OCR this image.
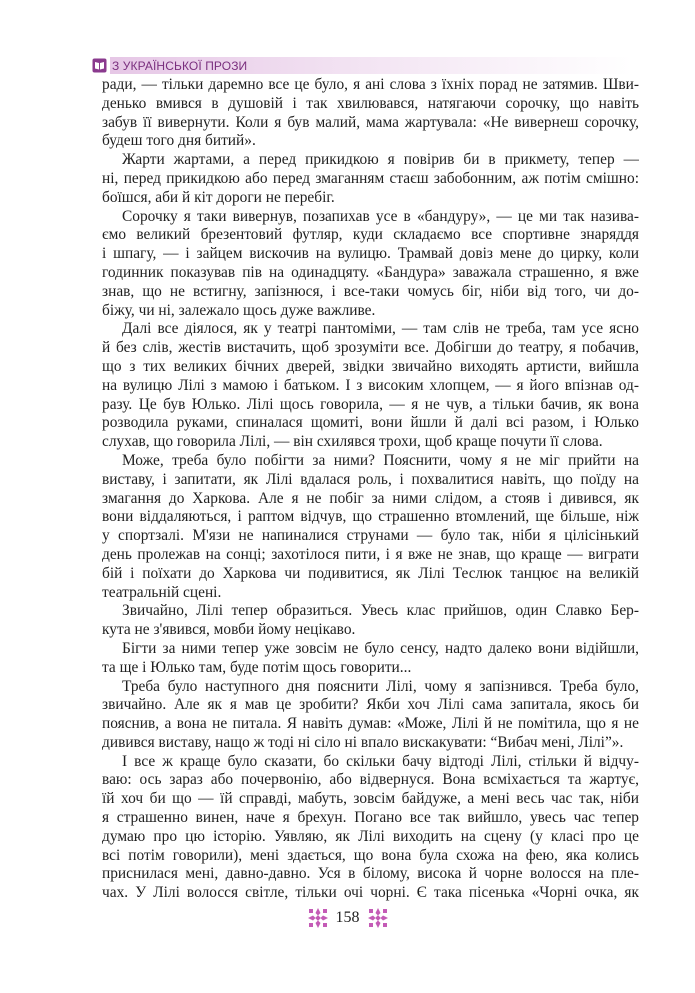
З УКРАЇНСЬКОЇ ПРОЗИ
ради, — тільки даремно все це було, я ані слова з їхніх порад не затямив. Шви-
денько вмився в душовій і так хвилювався, натягаючи сорочку, що навіть
забув її вивернути. Коли я був малий, мама жартувала: «Не вивернеш сорочку,
будеш того дня битий».
Жарти жартами, а перед прикидкою я повірив би в прикмету, тепер —
ні, перед прикидкою або перед змаганням стаєш забобонним, аж потім смішно:
боїшся, аби й кіт дороги не перебіг.
Сорочку я таки вивернув, позапихав усе в «бандуру», — це ми так назива-
ємо великий брезентовий футляр, куди складаємо все спортивне знаряддя
і шпагу, — і зайцем вискочив на вулицю. Трамвай довіз мене до цирку, коли
годинник показував пів на одинадцяту. «Бандура» заважала страшенно, я вже
знав, що не встигну, запізнюся, і все-таки чомусь біг, ніби від того, чи до-
біжу, чи ні, залежало щось дуже важливе.
Далі все діялося, як у театрі пантоміми, — там слів не треба, там усе ясно
й без слів, жестів вистачить, щоб зрозуміти все. Добігши до театру, я побачив,
що з тих великих бічних дверей, звідки звичайно виходять артисти, вийшла
на вулицю Лілі з мамою і батьком. І з високим хлопцем, — я його впізнав од-
разу. Це був Юлько. Лілі щось говорила, — я не чув, а тільки бачив, як вона
розводила руками, спиналася щомиті, вони йшли й далі всі разом, і Юлько
слухав, що говорила Лілі, — він схилявся трохи, щоб краще почути її слова.
Може, треба було побігти за ними? Пояснити, чому я не міг прийти на
виставу, і запитати, як Лілі вдалася роль, і похвалитися навіть, що поїду на
змагання до Харкова. Але я не побіг за ними слідом, а стояв і дивився, як
вони віддаляються, і раптом відчув, що страшенно втомлений, ще більше, ніж
у спортзалі. М'язи не напиналися струнами — було так, ніби я цілісінький
день пролежав на сонці; захотілося пити, і я вже не знав, що краще — виграти
бій і поїхати до Харкова чи подивитися, як Лілі Теслюк танцює на великій
театральній сцені.
Звичайно, Лілі тепер образиться. Увесь клас прийшов, один Славко Бер-
кута не з'явився, мовби йому нецікаво.
Бігти за ними тепер уже зовсім не було сенсу, надто далеко вони відійшли,
та ще і Юлько там, буде потім щось говорити...
Треба було наступного дня пояснити Лілі, чому я запізнився. Треба було,
звичайно. Але як я мав це зробити? Якби хоч Лілі сама запитала, якось би
пояснив, а вона не питала. Я навіть думав: «Може, Лілі й не помітила, що я не
дивився виставу, нащо ж тоді ні сіло ні впало вискакувати: “Вибач мені, Лілі”».
І все ж краще було сказати, бо скільки бачу відтоді Лілі, стільки й відчу-
ваю: ось зараз або почервонію, або відвернуся. Вона всміхається та жартує,
їй хоч би що — їй справді, мабуть, зовсім байдуже, а мені весь час так, ніби
я страшенно винен, наче я брехун. Погано все так вийшло, увесь час тепер
думаю про цю історію. Уявляю, як Лілі виходить на сцену (у класі про це
всі потім говорили), мені здається, що вона була схожа на фею, яка колись
приснилася мені, давно-давно. Уся в білому, висока й чорне волосся на пле-
чах. У Лілі волосся світле, тільки очі чорні. Є така пісенька «Чорні очка, як
158
